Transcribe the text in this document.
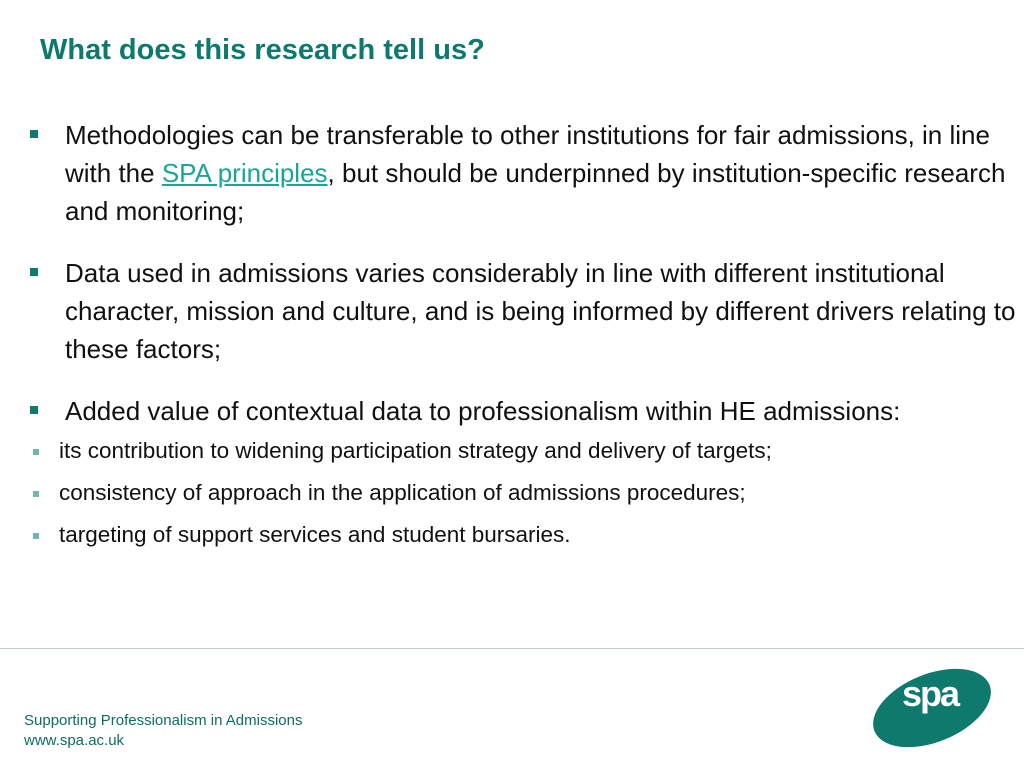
What does this research tell us?
Methodologies can be transferable to other institutions for fair admissions, in line with the SPA principles, but should be underpinned by institution-specific research and monitoring;
Data used in admissions varies considerably in line with different institutional character, mission and culture, and is being informed by different drivers relating to these factors;
Added value of contextual data to professionalism within HE admissions:
its contribution to widening participation strategy and delivery of targets;
consistency of approach in the application of admissions procedures;
targeting of support services and student bursaries.
Supporting Professionalism in Admissions
www.spa.ac.uk
spa
